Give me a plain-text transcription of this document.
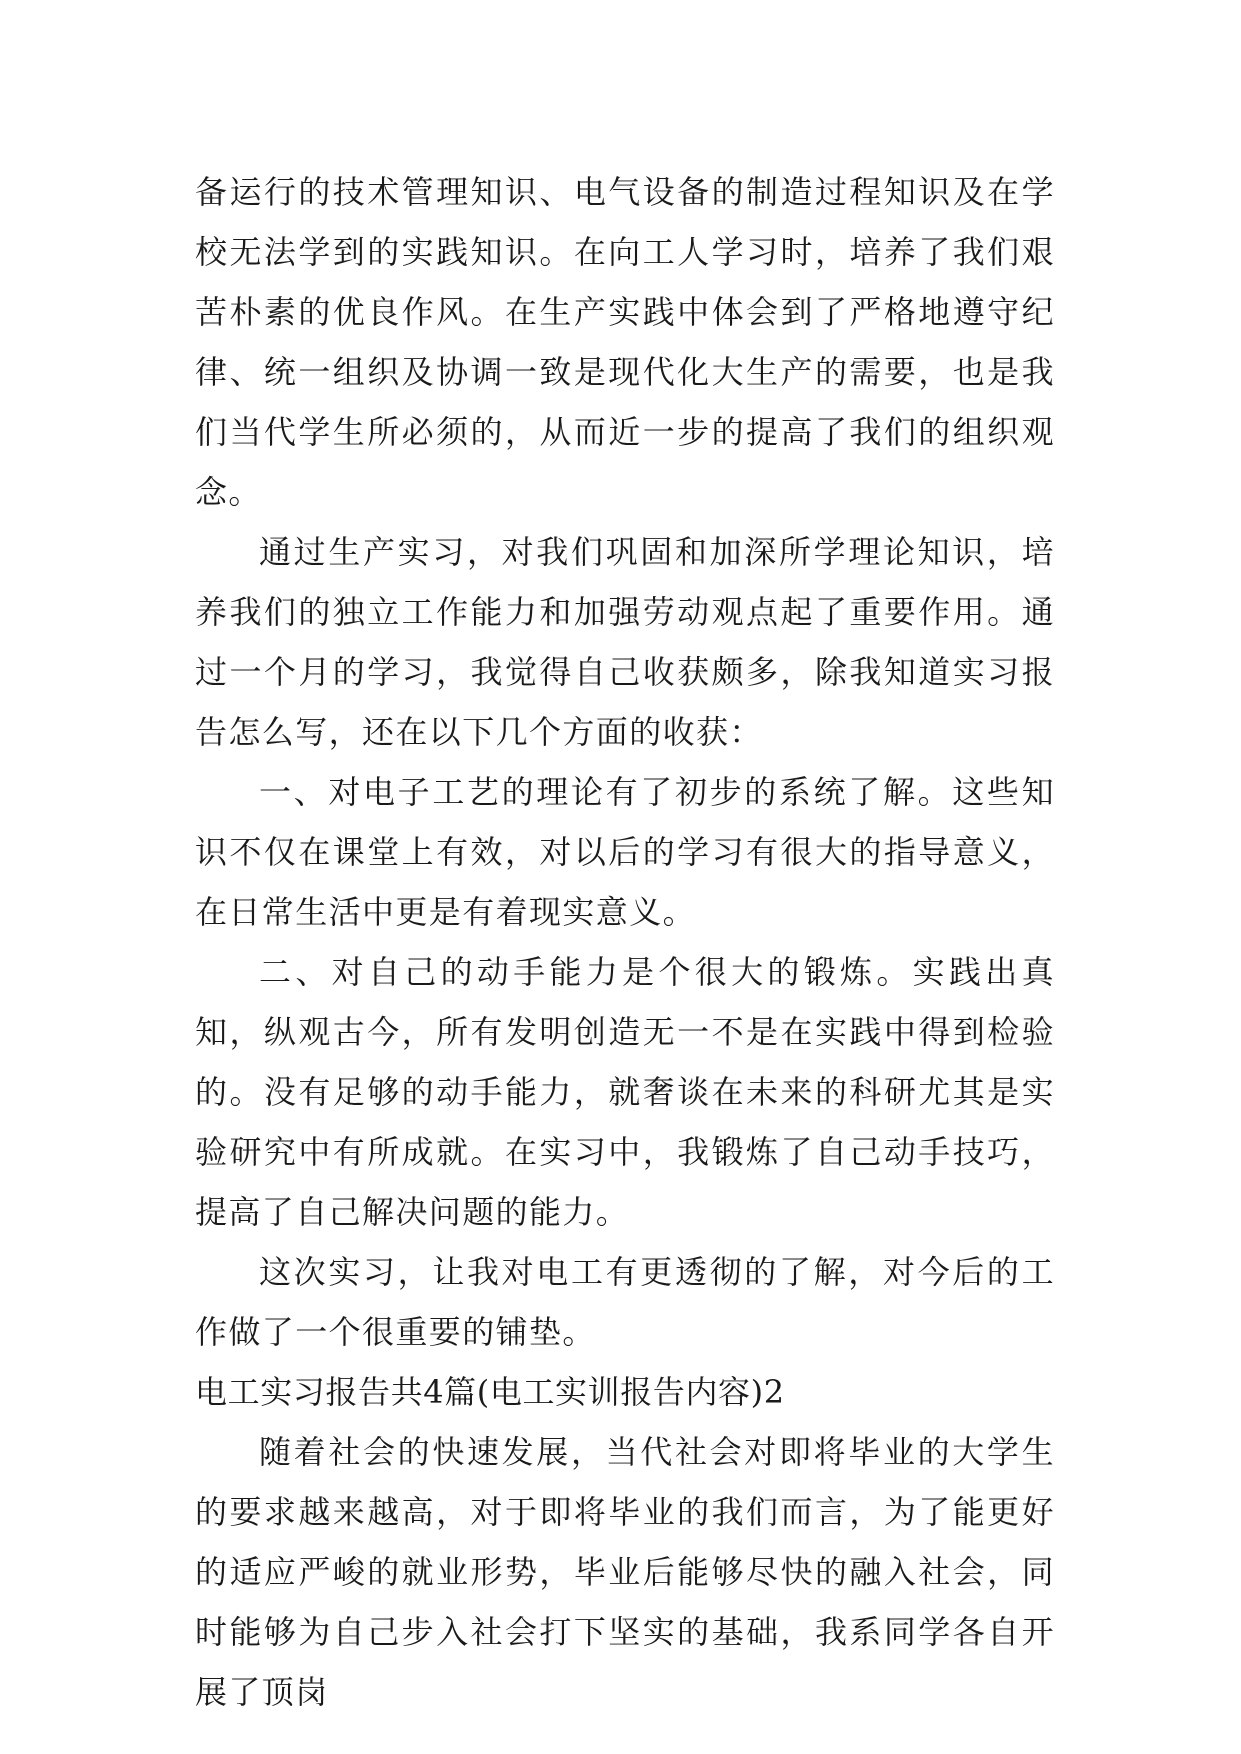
备运行的技术管理知识、电气设备的制造过程知识及在学校无法学到的实践知识。在向工人学习时，培养了我们艰苦朴素的优良作风。在生产实践中体会到了严格地遵守纪律、统一组织及协调一致是现代化大生产的需要，也是我们当代学生所必须的，从而近一步的提高了我们的组织观念。

通过生产实习，对我们巩固和加深所学理论知识，培养我们的独立工作能力和加强劳动观点起了重要作用。通过一个月的学习，我觉得自己收获颇多，除我知道实习报告怎么写，还在以下几个方面的收获：

一、对电子工艺的理论有了初步的系统了解。这些知识不仅在课堂上有效，对以后的学习有很大的指导意义，在日常生活中更是有着现实意义。

二、对自己的动手能力是个很大的锻炼。实践出真知，纵观古今，所有发明创造无一不是在实践中得到检验的。没有足够的动手能力，就奢谈在未来的科研尤其是实验研究中有所成就。在实习中，我锻炼了自己动手技巧，提高了自己解决问题的能力。

这次实习，让我对电工有更透彻的了解，对今后的工作做了一个很重要的铺垫。

电工实习报告共4篇(电工实训报告内容)2

随着社会的快速发展，当代社会对即将毕业的大学生的要求越来越高，对于即将毕业的我们而言，为了能更好的适应严峻的就业形势，毕业后能够尽快的融入社会，同时能够为自己步入社会打下坚实的基础，我系同学各自开展了顶岗
